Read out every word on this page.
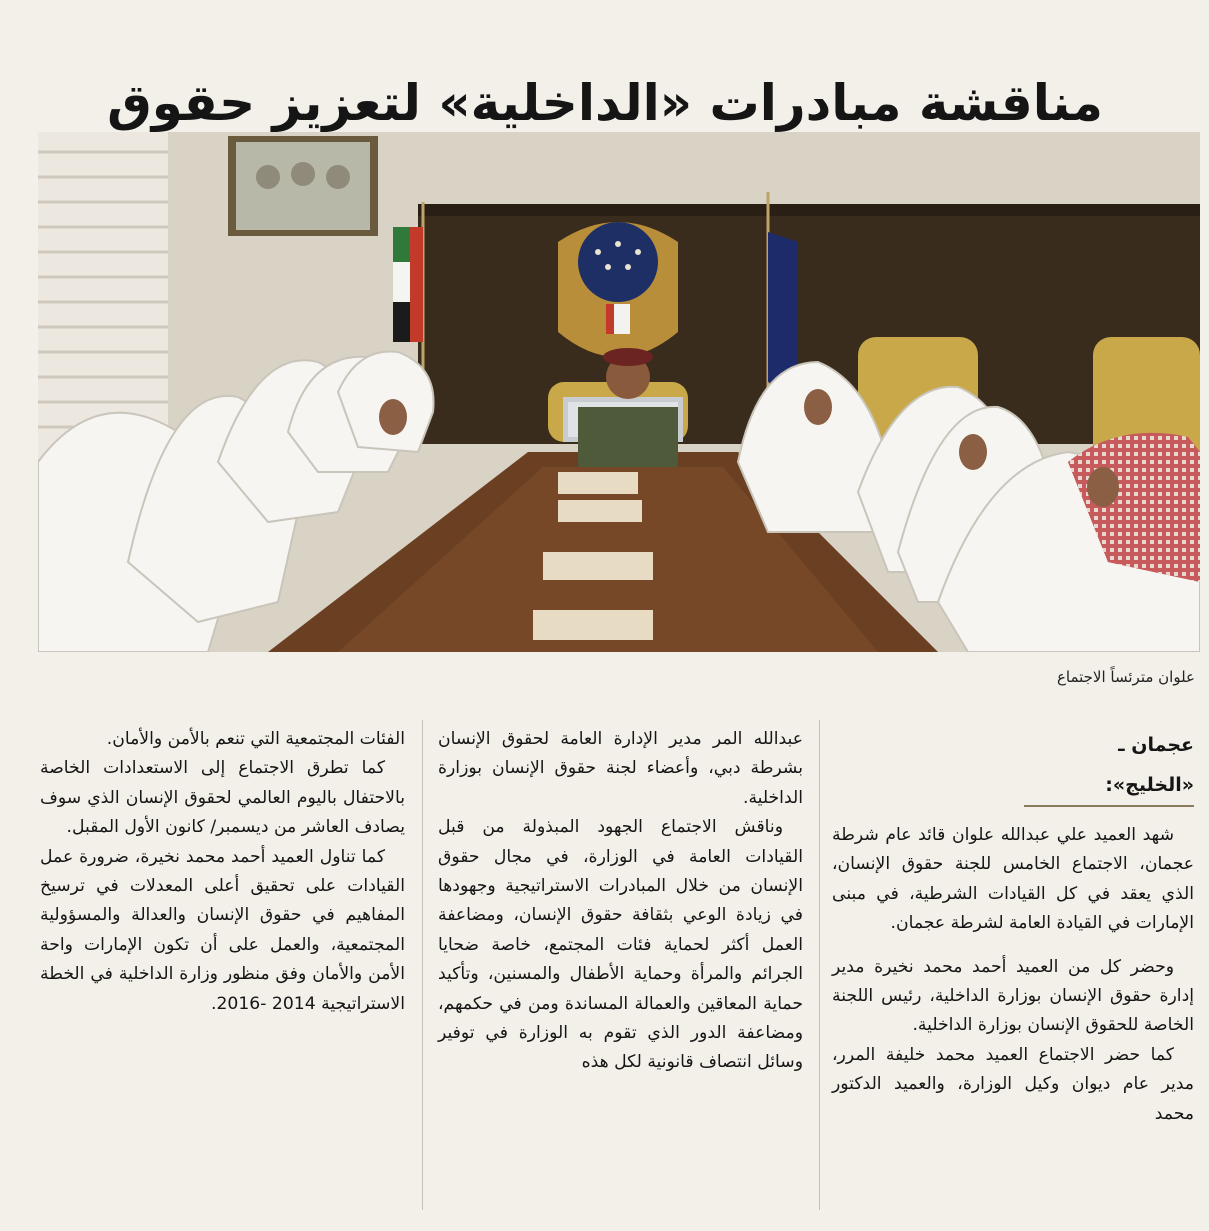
مناقشة مبادرات «الداخلية» لتعزيز حقوق
علوان مترئساً الاجتماع
عجمان ـ «الخليج»:

شهد العميد علي عبدالله علوان قائد عام شرطة عجمان، الاجتماع الخامس للجنة حقوق الإنسان، الذي يعقد في كل القيادات الشرطية، في مبنى الإمارات في القيادة العامة لشرطة عجمان.

وحضر كل من العميد أحمد محمد نخيرة مدير إدارة حقوق الإنسان بوزارة الداخلية، رئيس اللجنة الخاصة للحقوق الإنسان بوزارة الداخلية.

كما حضر الاجتماع العميد محمد خليفة المرر، مدير عام ديوان وكيل الوزارة، والعميد الدكتور محمد

عبدالله المر مدير الإدارة العامة لحقوق الإنسان بشرطة دبي، وأعضاء لجنة حقوق الإنسان بوزارة الداخلية.

وناقش الاجتماع الجهود المبذولة من قبل القيادات العامة في الوزارة، في مجال حقوق الإنسان من خلال المبادرات الاستراتيجية وجهودها في زيادة الوعي بثقافة حقوق الإنسان، ومضاعفة العمل أكثر لحماية فئات المجتمع، خاصة ضحايا الجرائم والمرأة وحماية الأطفال والمسنين، وتأكيد حماية المعاقين والعمالة المساندة ومن في حكمهم، ومضاعفة الدور الذي تقوم به الوزارة في توفير وسائل انتصاف قانونية لكل هذه

الفئات المجتمعية التي تنعم بالأمن والأمان.

كما تطرق الاجتماع إلى الاستعدادات الخاصة بالاحتفال باليوم العالمي لحقوق الإنسان الذي سوف يصادف العاشر من ديسمبر/ كانون الأول المقبل.

كما تناول العميد أحمد محمد نخيرة، ضرورة عمل القيادات على تحقيق أعلى المعدلات في ترسيخ المفاهيم في حقوق الإنسان والعدالة والمسؤولية المجتمعية، والعمل على أن تكون الإمارات واحة الأمن والأمان وفق منظور وزارة الداخلية في الخطة الاستراتيجية 2014 -2016.
